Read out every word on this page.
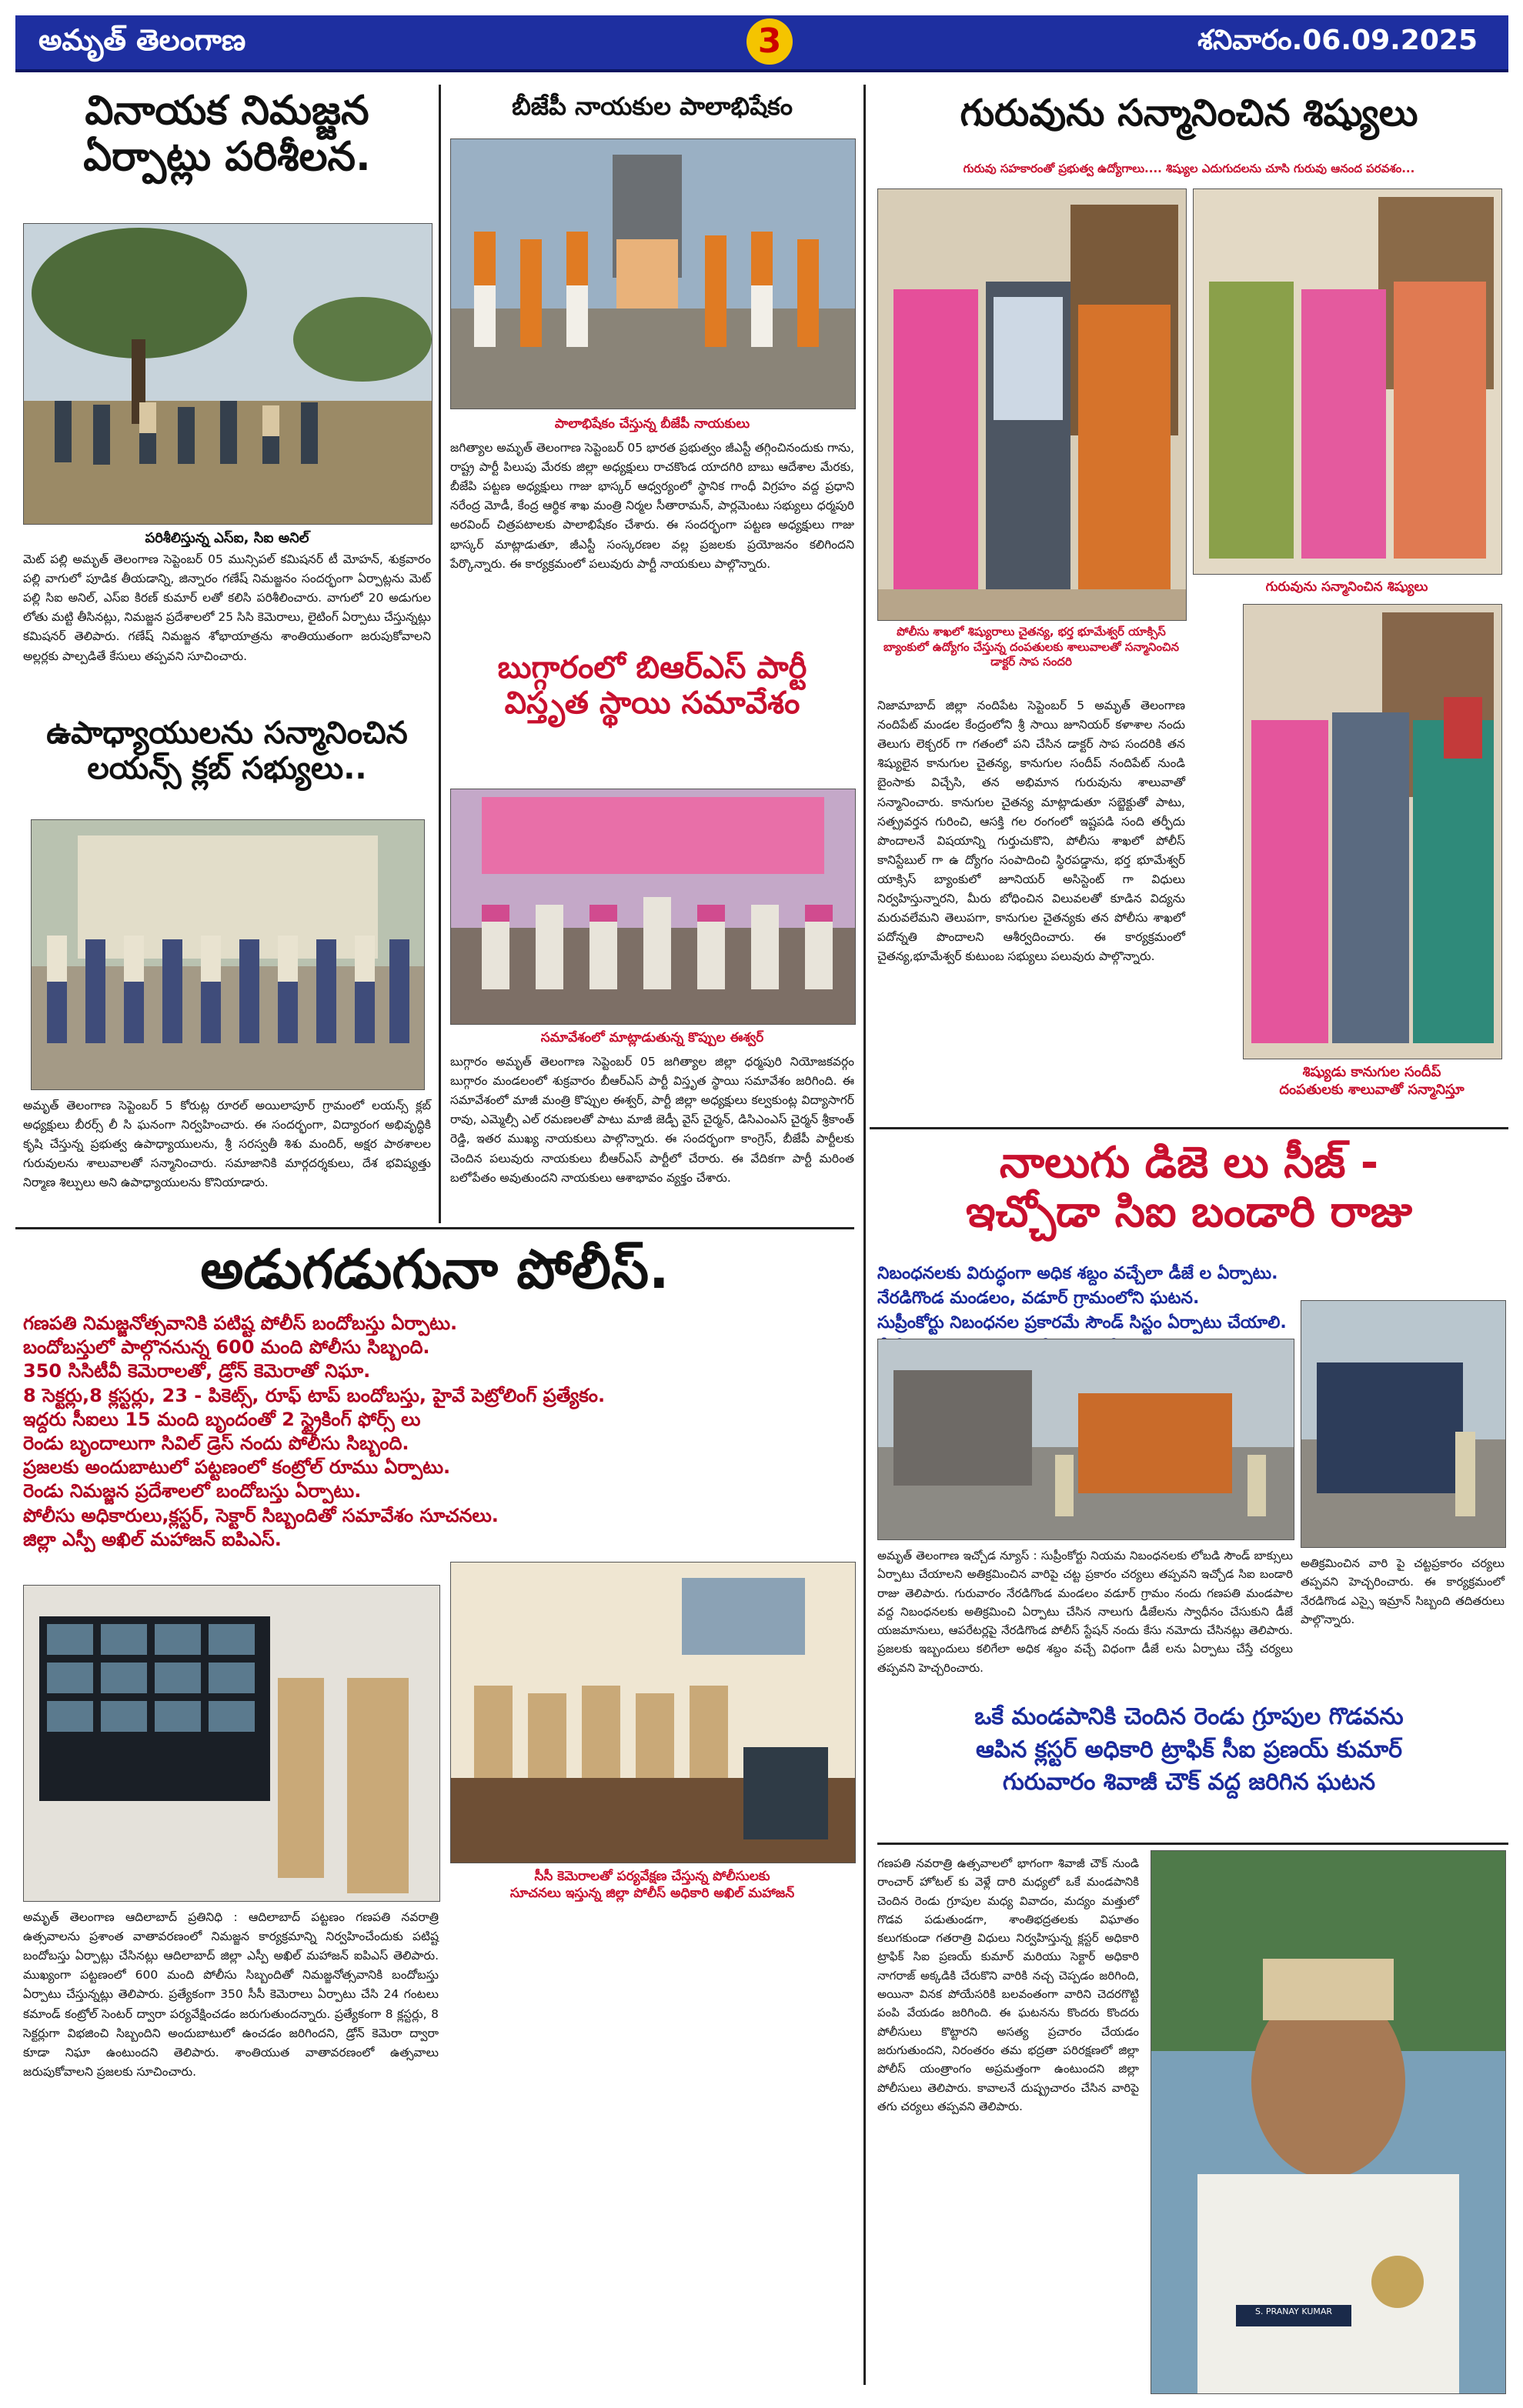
అమృత్ తెలంగాణ	3	శనివారం.06.09.2025
వినాయక నిమజ్జన
ఏర్పాట్లు పరిశీలన.
పరిశీలిస్తున్న ఎస్ఐ, సిఐ అనిల్
మెట్ పల్లి అమృత్ తెలంగాణ సెప్టెంబర్ 05 మున్సిపల్ కమిషనర్ టీ మోహన్, శుక్రవారం పల్లి వాగులో పూడిక తీయడాన్ని, జిన్నారం గణేష్ నిమజ్జనం సందర్భంగా ఏర్పాట్లను మెట్ పల్లి సిఐ అనిల్, ఎస్ఐ కిరణ్ కుమార్ లతో కలిసి పరిశీలించారు. వాగులో 20 అడుగుల లోతు మట్టి తీసినట్లు, నిమజ్జన ప్రదేశాలలో 25 సిసి కెమెరాలు, లైటింగ్ ఏర్పాటు చేస్తున్నట్లు కమిషనర్ తెలిపారు. గణేష్ నిమజ్జన శోభాయాత్రను శాంతియుతంగా జరుపుకోవాలని అల్లర్లకు పాల్పడితే కేసులు తప్పవని సూచించారు.
ఉపాధ్యాయులను సన్మానించిన
లయన్స్ క్లబ్ సభ్యులు..
అమృత్ తెలంగాణ సెప్టెంబర్ 5 కోరుట్ల రూరల్ అయిలాపూర్ గ్రామంలో లయన్స్ క్లబ్ అధ్యక్షులు బీరర్స్ లీ సి ఘనంగా నిర్వహించారు. ఈ సందర్భంగా, విద్యారంగ అభివృద్ధికి కృషి చేస్తున్న ప్రభుత్వ ఉపాధ్యాయులను, శ్రీ సరస్వతీ శిశు మందిర్, అక్షర పాఠశాలల గురువులను శాలువాలతో సన్మానించారు. సమాజానికి మార్గదర్శకులు, దేశ భవిష్యత్తు నిర్మాణ శిల్పులు అని ఉపాధ్యాయులను కొనియాడారు.
బీజేపీ నాయకుల పాలాభిషేకం
పాలాభిషేకం చేస్తున్న బీజేపీ నాయకులు
జగిత్యాల అమృత్ తెలంగాణ సెప్టెంబర్ 05 భారత ప్రభుత్వం జీఎస్టీ తగ్గించినందుకు గాను, రాష్ట్ర పార్టీ పిలుపు మేరకు జిల్లా అధ్యక్షులు రాచకొండ యాదగిరి బాబు ఆదేశాల మేరకు, బీజేపి పట్టణ అధ్యక్షులు గాజు భాస్కర్ ఆధ్వర్యంలో స్థానిక గాంధీ విగ్రహం వద్ద ప్రధాని నరేంద్ర మోడీ, కేంద్ర ఆర్థిక శాఖ మంత్రి నిర్మల సీతారామన్, పార్లమెంటు సభ్యులు ధర్మపురి అరవింద్ చిత్రపటాలకు పాలాభిషేకం చేశారు. ఈ సందర్భంగా పట్టణ అధ్యక్షులు గాజు భాస్కర్ మాట్లాడుతూ, జీఎస్టీ సంస్కరణల వల్ల ప్రజలకు ప్రయోజనం కలిగిందని పేర్కొన్నారు. ఈ కార్యక్రమంలో పలువురు పార్టీ నాయకులు పాల్గొన్నారు.
బుగ్గారంలో బిఆర్ఎస్ పార్టీ
విస్తృత స్థాయి సమావేశం
సమావేశంలో మాట్లాడుతున్న కొప్పుల ఈశ్వర్
బుగ్గారం అమృత్ తెలంగాణ సెప్టెంబర్ 05 జగిత్యాల జిల్లా ధర్మపురి నియోజకవర్గం బుగ్గారం మండలంలో శుక్రవారం బీఆర్ఎస్ పార్టీ విస్తృత స్థాయి సమావేశం జరిగింది. ఈ సమావేశంలో మాజీ మంత్రి కొప్పుల ఈశ్వర్, పార్టీ జిల్లా అధ్యక్షులు కల్వకుంట్ల విద్యాసాగర్ రావు, ఎమ్మెల్సీ ఎల్ రమణలతో పాటు మాజీ జెడ్పీ వైస్ చైర్మన్, డిసిఎంఎస్ చైర్మన్ శ్రీకాంత్ రెడ్డి, ఇతర ముఖ్య నాయకులు పాల్గొన్నారు. ఈ సందర్భంగా కాంగ్రెస్, బీజేపీ పార్టీలకు చెందిన పలువురు నాయకులు బీఆర్ఎస్ పార్టీలో చేరారు. ఈ వేదికగా పార్టీ మరింత బలోపేతం అవుతుందని నాయకులు ఆశాభావం వ్యక్తం చేశారు.
గురువును సన్మానించిన శిష్యులు
గురువు సహకారంతో ప్రభుత్వ ఉద్యోగాలు.... శిష్యుల ఎదుగుదలను చూసి గురువు ఆనంద పరవశం...
పోలీసు శాఖలో శిష్యురాలు చైతన్య, భర్త భూమేశ్వర్ యాక్సిస్ బ్యాంకులో ఉద్యోగం చేస్తున్న దంపతులకు శాలువాలతో సన్మానించిన డాక్టర్ సాప సందరి
గురువును సన్మానించిన శిష్యులు
నిజామాబాద్ జిల్లా నందిపేట సెప్టెంబర్ 5 అమృత్ తెలంగాణ నందిపేట్ మండల కేంద్రంలోని శ్రీ సాయి జూనియర్ కళాశాల నందు తెలుగు లెక్చరర్ గా గతంలో పని చేసిన డాక్టర్ సాప సందరికి తన శిష్యులైన కానుగుల చైతన్య, కానుగుల సందీప్ నందిపేట్ నుండి బైంసాకు విచ్చేసి, తన అభిమాన గురువును శాలువాతో సన్మానించారు. కానుగుల చైతన్య మాట్లాడుతూ సబ్జెక్టుతో పాటు, సత్ప్రవర్తన గురించి, ఆసక్తి గల రంగంలో ఇష్టపడి సంది తర్ఫీదు పొందాలనే విషయాన్ని గుర్తుచుకొని, పోలీసు శాఖలో పోలీస్ కానిస్టేబుల్ గా ఉ ద్యోగం సంపాదించి స్థిరపడ్డాను, భర్త భూమేశ్వర్ యాక్సిస్ బ్యాంకులో జూనియర్ అసిస్టెంట్ గా విధులు నిర్వహిస్తున్నారని, మీరు బోధించిన విలువలతో కూడిన విద్యను మరువలేమని తెలుపగా, కానుగుల చైతన్యకు తన పోలీసు శాఖలో పదోన్నతి పొందాలని ఆశీర్వదించారు. ఈ కార్యక్రమంలో చైతన్య,భూమేశ్వర్ కుటుంబ సభ్యులు పలువురు పాల్గొన్నారు.
శిష్యుడు కానుగుల సందీప్
దంపతులకు శాలువాతో సన్మానిస్తూ
నాలుగు డిజె లు సీజ్ -
ఇచ్చోడా సిఐ బండారి రాజు
నిబంధనలకు విరుద్ధంగా అధిక శబ్దం వచ్చేలా డీజే ల ఏర్పాటు.
నేరడిగొండ మండలం, వడూర్ గ్రామంలోని ఘటన.
సుప్రీంకోర్టు నిబంధనల ప్రకారమే సౌండ్ సిస్టం ఏర్పాటు చేయాలి.
అమృత్ తెలంగాణ ఇచ్చోడ న్యూస్ : సుప్రీంకోర్టు నియమ నిబంధనలకు లోబడి సౌండ్ బాక్సులు ఏర్పాటు చేయాలని అతిక్రమించిన వారిపై చట్ట ప్రకారం చర్యలు తప్పవని ఇచ్చోడ సిఐ బండారి రాజు తెలిపారు. గురువారం నేరడిగొండ మండలం వడూర్ గ్రామం నందు గణపతి మండపాల వద్ద నిబంధనలకు అతిక్రమించి ఏర్పాటు చేసిన నాలుగు డీజేలను స్వాధీనం చేసుకుని డీజే యజమానులు, ఆపరేటర్లపై నేరడిగొండ పోలీస్ స్టేషన్ నందు కేసు నమోదు చేసినట్లు తెలిపారు. ప్రజలకు ఇబ్బందులు కలిగేలా అధిక శబ్దం వచ్చే విధంగా డీజే లను ఏర్పాటు చేస్తే చర్యలు తప్పవని హెచ్చరించారు.
అతిక్రమించిన వారి పై చట్టప్రకారం చర్యలు తప్పవని హెచ్చరించారు. ఈ కార్యక్రమంలో నేరడిగొండ ఎస్సై ఇమ్రాన్ సిబ్బంది తదితరులు పాల్గొన్నారు.
ఒకే మండపానికి చెందిన రెండు గ్రూపుల గొడవను
ఆపిన క్లస్టర్ అధికారి ట్రాఫిక్ సీఐ ప్రణయ్ కుమార్
గురువారం శివాజీ చౌక్ వద్ద జరిగిన ఘటన
గణపతి నవరాత్రి ఉత్సవాలలో భాగంగా శివాజీ చౌక్ నుండి రాంచార్ హోటల్ కు వెళ్లే దారి మధ్యలో ఒకే మండపానికి చెందిన రెండు గ్రూపుల మధ్య వివాదం, మద్యం మత్తులో గొడవ పడుతుండగా, శాంతిభద్రతలకు విఘాతం కలుగకుండా గతరాత్రి విధులు నిర్వహిస్తున్న క్లస్టర్ అధికారి ట్రాఫిక్ సిఐ ప్రణయ్ కుమార్ మరియు సెక్టార్ అధికారి నాగరాజ్ అక్కడికి చేరుకొని వారికి నచ్చ చెప్పడం జరిగింది, అయినా వినక పోయేసరికి బలవంతంగా వారిని చెదరగొట్టి పంపి వేయడం జరిగింది. ఈ ఘటనను కొందరు కొందరు పోలీసులు కొట్టారని అసత్య ప్రచారం చేయడం జరుగుతుందని, నిరంతరం తమ భద్రతా పరిరక్షణలో జిల్లా పోలీస్ యంత్రాంగం అప్రమత్తంగా ఉంటుందని జిల్లా పోలీసులు తెలిపారు. కావాలనే దుష్ప్రచారం చేసిన వారిపై తగు చర్యలు తప్పవని తెలిపారు.
S. PRANAY KUMAR
అడుగడుగునా పోలీస్.
గణపతి నిమజ్జనోత్సవానికి పటిష్ట పోలీస్ బందోబస్తు ఏర్పాటు.
బందోబస్తులో పాల్గొననున్న 600 మంది పోలీసు సిబ్బంది.
350 సిసిటీవీ కెమెరాలతో, డ్రోన్ కెమెరాతో నిఘా.
8 సెక్టర్లు,8 క్లస్టర్లు, 23 - పికెట్స్, రూఫ్ టాప్ బందోబస్తు, హైవే పెట్రోలింగ్ ప్రత్యేకం.
ఇద్దరు సీఐలు 15 మంది బృందంతో 2 స్ట్రైకింగ్ ఫోర్స్ లు
రెండు బృందాలుగా సివిల్ డ్రెస్ నందు పోలీసు సిబ్బంది.
ప్రజలకు అందుబాటులో పట్టణంలో కంట్రోల్ రూము ఏర్పాటు.
రెండు నిమజ్జన ప్రదేశాలలో బందోబస్తు ఏర్పాటు.
పోలీసు అధికారులు,క్లస్టర్, సెక్టార్ సిబ్బందితో సమావేశం సూచనలు.
జిల్లా ఎస్పీ అఖిల్ మహాజన్ ఐపిఎస్.
సీసీ కెమెరాలతో పర్యవేక్షణ చేస్తున్న పోలీసులకు
సూచనలు ఇస్తున్న జిల్లా పోలీస్ అధికారి అఖిల్ మహాజన్
అమృత్ తెలంగాణ ఆదిలాబాద్ ప్రతినిధి : ఆదిలాబాద్ పట్టణం గణపతి నవరాత్రి ఉత్సవాలను ప్రశాంత వాతావరణంలో నిమజ్జన కార్యక్రమాన్ని నిర్వహించేందుకు పటిష్ట బందోబస్తు ఏర్పాట్లు చేసినట్లు ఆదిలాబాద్ జిల్లా ఎస్పీ అఖిల్ మహాజన్ ఐపిఎస్ తెలిపారు. ముఖ్యంగా పట్టణంలో 600 మంది పోలీసు సిబ్బందితో నిమజ్జనోత్సవానికి బందోబస్తు ఏర్పాటు చేస్తున్నట్లు తెలిపారు. ప్రత్యేకంగా 350 సీసీ కెమెరాలు ఏర్పాటు చేసి 24 గంటలు కమాండ్ కంట్రోల్ సెంటర్ ద్వారా పర్యవేక్షించడం జరుగుతుందన్నారు. ప్రత్యేకంగా 8 క్లస్టర్లు, 8 సెక్టర్లుగా విభజించి సిబ్బందిని అందుబాటులో ఉంచడం జరిగిందని, డ్రోన్ కెమెరా ద్వారా కూడా నిఘా ఉంటుందని తెలిపారు. శాంతియుత వాతావరణంలో ఉత్సవాలు జరుపుకోవాలని ప్రజలకు సూచించారు.
